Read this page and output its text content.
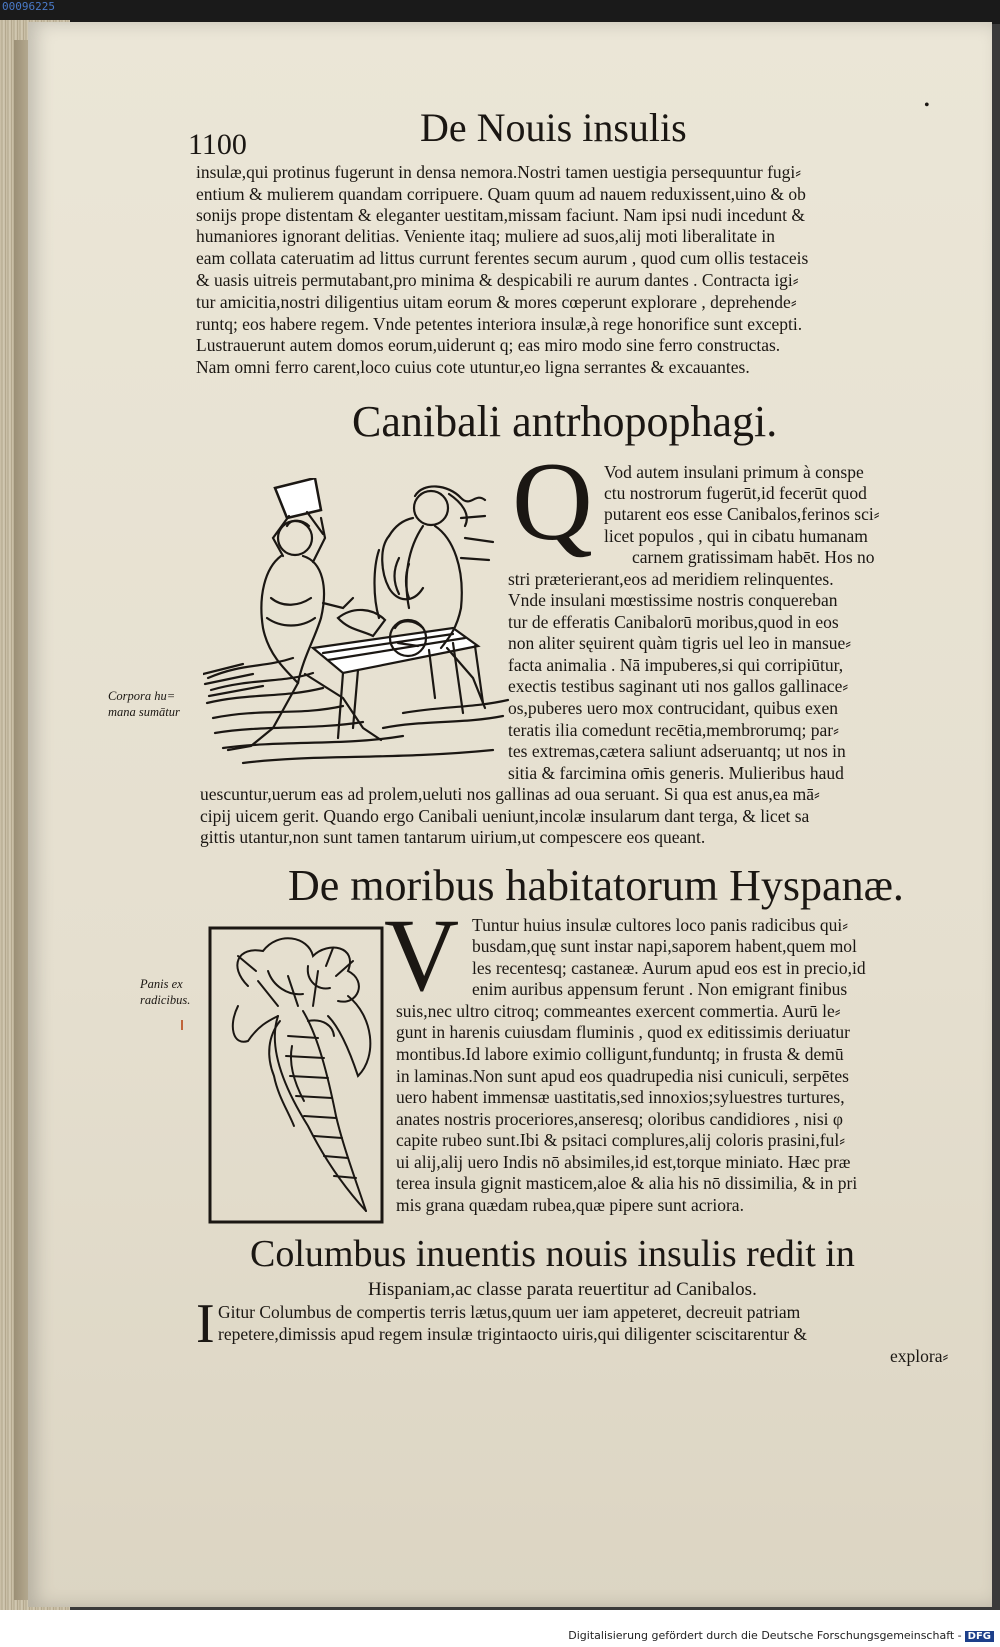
00096225
1100	De Nouis insulis	•
insulæ,qui protinus fugerunt in densa nemora.Nostri tamen uestigia persequuntur fugi⸗
entium & mulierem quandam corripuere. Quam quum ad nauem reduxissent,uino & ob
sonijs prope distentam & eleganter uestitam,missam faciunt. Nam ipsi nudi incedunt &
humaniores ignorant delitias. Veniente itaq; muliere ad suos,alij moti liberalitate in
eam collata cateruatim ad littus currunt ferentes secum aurum , quod cum ollis testaceis
& uasis uitreis permutabant,pro minima & despicabili re aurum dantes . Contracta igi⸗
tur amicitia,nostri diligentius uitam eorum & mores cœperunt explorare , deprehende⸗
runtq; eos habere regem. Vnde petentes interiora insulæ,à rege honorifice sunt excepti.
Lustrauerunt autem domos eorum,uiderunt q; eas miro modo sine ferro constructas.
Nam omni ferro carent,loco cuius cote utuntur,eo ligna serrantes & excauantes.
Canibali antrhopophagi.
Q Vod autem insulani primum à conspe
ctu nostrorum fugerūt,id fecerūt quod
putarent eos esse Canibalos,ferinos sci⸗
licet populos , qui in cibatu humanam
carnem gratissimam habēt. Hos no
stri præterierant,eos ad meridiem relinquentes.
Vnde insulani mœstissime nostris conquereban
tur de efferatis Canibalorū moribus,quod in eos
non aliter sęuirent quàm tigris uel leo in mansue⸗
facta animalia . Nā impuberes,si qui corripiūtur,
exectis testibus saginant uti nos gallos gallinace⸗
os,puberes uero mox contrucidant, quibus exen
teratis ilia comedunt recētia,membrorumq; par⸗
tes extremas,cætera saliunt adseruantq; ut nos in
sitia & farcimina om̄is generis. Mulieribus haud
uescuntur,uerum eas ad prolem,ueluti nos gallinas ad oua seruant. Si qua est anus,ea mā⸗
cipij uicem gerit. Quando ergo Canibali ueniunt,incolæ insularum dant terga, & licet sa
gittis utantur,non sunt tamen tantarum uirium,ut compescere eos queant.
Corpora hu=
mana sumātur
De moribus habitatorum Hyspanæ.
V Tuntur huius insulæ cultores loco panis radicibus qui⸗
busdam,quę sunt instar napi,saporem habent,quem mol
les recentesq; castaneæ. Aurum apud eos est in precio,id
enim auribus appensum ferunt . Non emigrant finibus
suis,nec ultro citroq; commeantes exercent commertia. Aurū le⸗
gunt in harenis cuiusdam fluminis , quod ex editissimis deriuatur
montibus.Id labore eximio colligunt,funduntq; in frusta & demū
in laminas.Non sunt apud eos quadrupedia nisi cuniculi, serpētes
uero habent immensæ uastitatis,sed innoxios;syluestres turtures,
anates nostris proceriores,anseresq; oloribus candidiores , nisi φ
capite rubeo sunt.Ibi & psitaci complures,alij coloris prasini,ful⸗
ui alij,alij uero Indis nō absimiles,id est,torque miniato. Hæc præ
terea insula gignit masticem,aloe & alia his nō dissimilia, & in pri
mis grana quædam rubea,quæ pipere sunt acriora.
Panis ex
radicibus.
Columbus inuentis nouis insulis redit in
Hispaniam,ac classe parata reuertitur ad Canibalos.
I Gitur Columbus de compertis terris lætus,quum uer iam appeteret, decreuit patriam
repetere,dimissis apud regem insulæ trigintaocto uiris,qui diligenter sciscitarentur &
explora⸗
Digitalisierung gefördert durch die Deutsche Forschungsgemeinschaft - DFG
